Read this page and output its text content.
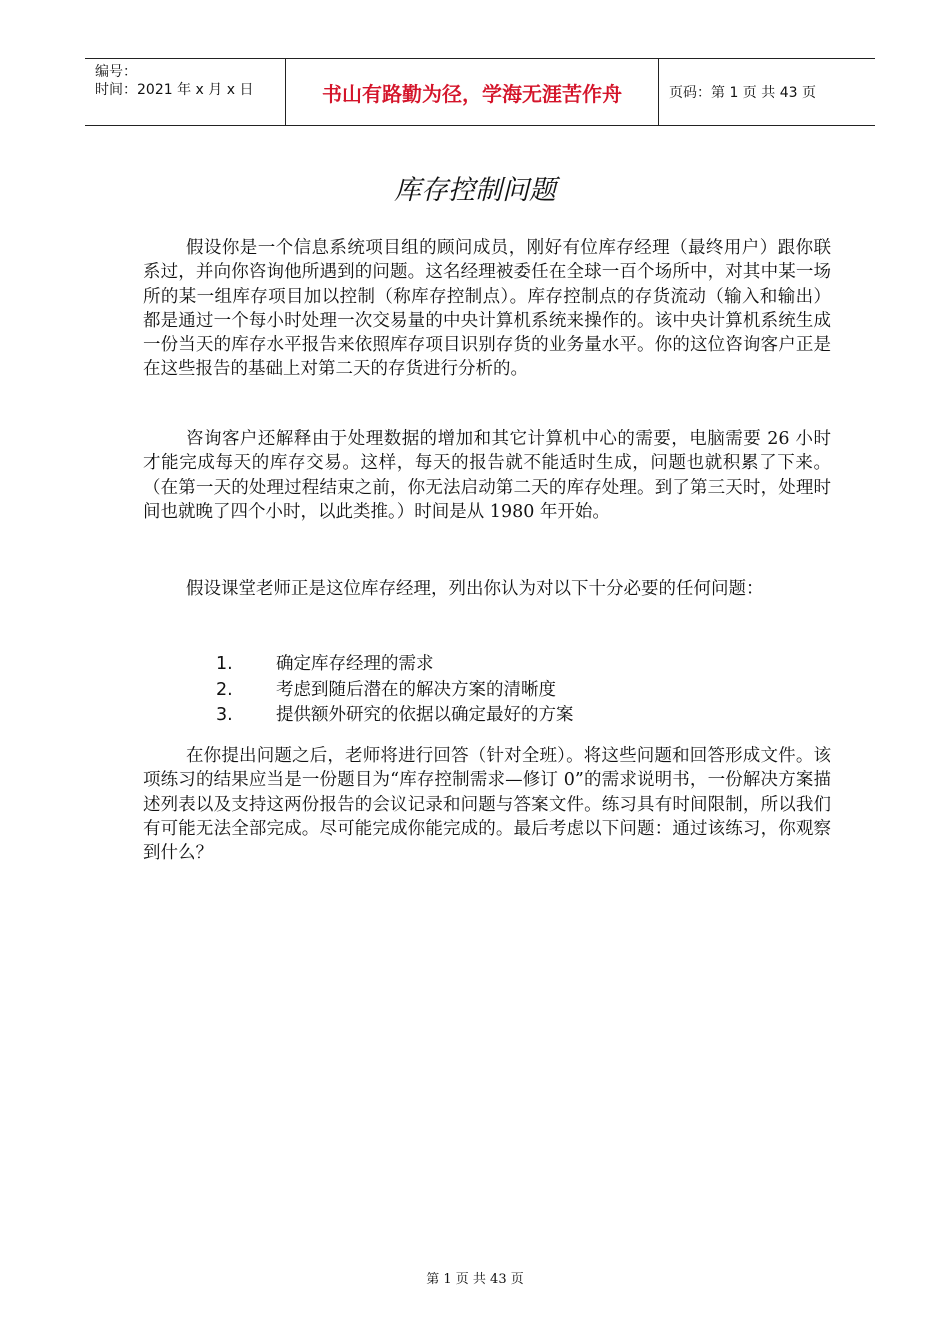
编号：
时间：2021 年 x 月 x 日	书山有路勤为径，学海无涯苦作舟	页码：第 1 页 共 43 页
库存控制问题

假设你是一个信息系统项目组的顾问成员，刚好有位库存经理（最终用户）跟你联系过，并向你咨询他所遇到的问题。这名经理被委任在全球一百个场所中，对其中某一场所的某一组库存项目加以控制（称库存控制点）。库存控制点的存货流动（输入和输出）都是通过一个每小时处理一次交易量的中央计算机系统来操作的。该中央计算机系统生成一份当天的库存水平报告来依照库存项目识别存货的业务量水平。你的这位咨询客户正是在这些报告的基础上对第二天的存货进行分析的。

咨询客户还解释由于处理数据的增加和其它计算机中心的需要，电脑需要 26 小时才能完成每天的库存交易。这样，每天的报告就不能适时生成，问题也就积累了下来。（在第一天的处理过程结束之前，你无法启动第二天的库存处理。到了第三天时，处理时间也就晚了四个小时，以此类推。）时间是从 1980 年开始。

假设课堂老师正是这位库存经理，列出你认为对以下十分必要的任何问题：

1.	确定库存经理的需求
2.	考虑到随后潜在的解决方案的清晰度
3.	提供额外研究的依据以确定最好的方案

在你提出问题之后，老师将进行回答（针对全班）。将这些问题和回答形成文件。该项练习的结果应当是一份题目为“库存控制需求—修订 0”的需求说明书，一份解决方案描述列表以及支持这两份报告的会议记录和问题与答案文件。练习具有时间限制，所以我们有可能无法全部完成。尽可能完成你能完成的。最后考虑以下问题：通过该练习，你观察到什么？

第 1 页 共 43 页
